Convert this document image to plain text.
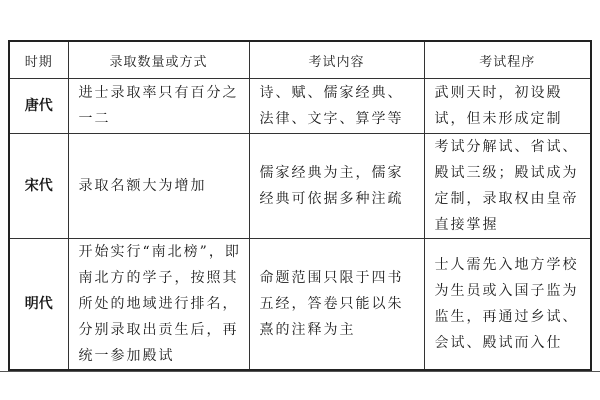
时期	录取数量或方式	考试内容	考试程序
唐代	进士录取率只有百分之一二	诗、赋、儒家经典、法律、文字、算学等	武则天时，初设殿试，但未形成定制
宋代	录取名额大为增加	儒家经典为主，儒家经典可依据多种注疏	考试分解试、省试、殿试三级；殿试成为定制，录取权由皇帝直接掌握
明代	开始实行“南北榜”，即南北方的学子，按照其所处的地域进行排名，分别录取出贡生后，再统一参加殿试	命题范围只限于四书五经，答卷只能以朱熹的注释为主	士人需先入地方学校为生员或入国子监为监生，再通过乡试、会试、殿试而入仕
